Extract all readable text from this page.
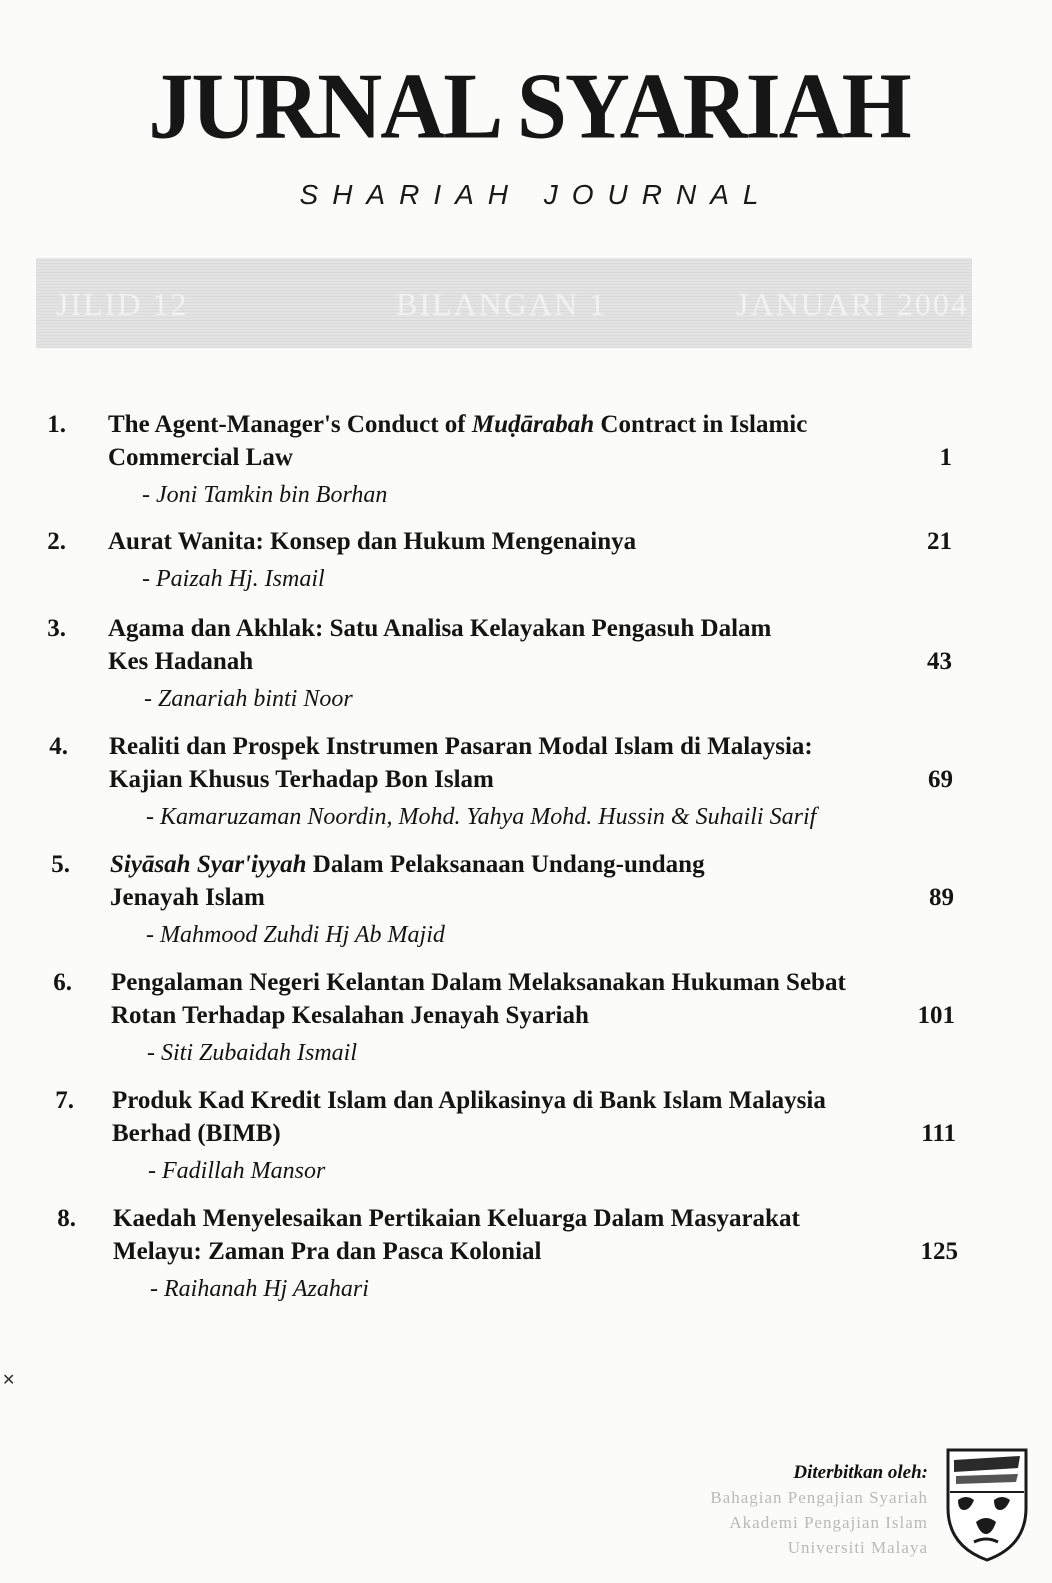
JURNAL SYARIAH
SHARIAH JOURNAL
JILID 12	BILANGAN 1	JANUARI 2004
1. The Agent-Manager's Conduct of Muḍārabah Contract in Islamic
Commercial Law	1
- Joni Tamkin bin Borhan
2. Aurat Wanita: Konsep dan Hukum Mengenainya	21
- Paizah Hj. Ismail
3. Agama dan Akhlak: Satu Analisa Kelayakan Pengasuh Dalam
Kes Hadanah	43
- Zanariah binti Noor
4. Realiti dan Prospek Instrumen Pasaran Modal Islam di Malaysia:
Kajian Khusus Terhadap Bon Islam	69
- Kamaruzaman Noordin, Mohd. Yahya Mohd. Hussin & Suhaili Sarif
5. Siyāsah Syar'iyyah Dalam Pelaksanaan Undang-undang
Jenayah Islam	89
- Mahmood Zuhdi Hj Ab Majid
6. Pengalaman Negeri Kelantan Dalam Melaksanakan Hukuman Sebat
Rotan Terhadap Kesalahan Jenayah Syariah	101
- Siti Zubaidah Ismail
7. Produk Kad Kredit Islam dan Aplikasinya di Bank Islam Malaysia
Berhad (BIMB)	111
- Fadillah Mansor
8. Kaedah Menyelesaikan Pertikaian Keluarga Dalam Masyarakat
Melayu: Zaman Pra dan Pasca Kolonial	125
- Raihanah Hj Azahari
Diterbitkan oleh:
Bahagian Pengajian Syariah
Akademi Pengajian Islam
Universiti Malaya
✕
